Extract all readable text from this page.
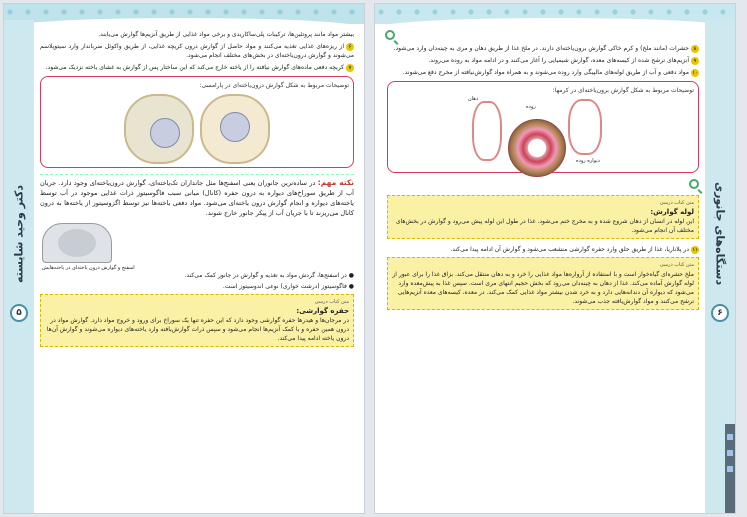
دکتر وحید شایسته
۵
بیشتر مواد مانند پروتئین‌ها، ترکیبات پلی‌ساکاریدی و برخی مواد غذایی از طریق آنزیم‌ها گوارش می‌یابند.
۶از ریزه‌های غذایی تغذیه می‌کنند و مواد حاصل از گوارش درون کریچه غذایی، از طریق واکوئل ضرباندار وارد سیتوپلاسم می‌شوند و گوارش درون‌یاخته‌ای در بخش‌های مختلف انجام می‌شود.
۷کریچه دفعی ماده‌های گوارش نیافته را از یاخته خارج می‌کند که این ساختار پس از گوارش به غشای یاخته نزدیک می‌شود.
توضیحات مربوط به شکل گوارش درون‌یاخته‌ای در پارامسی:
نکته مهم: در ساده‌ترین جانوران یعنی اسفنج‌ها مثل جانداران تک‌یاخته‌ای، گوارش درون‌یاخته‌ای وجود دارد. جریان آب از طریق سوراخ‌های دیواره به درون حفره (کانال) میانی سبب فاگوسیتوز ذرات غذایی موجود در آب توسط یاخته‌های دیواره و انجام گوارش درون یاخته‌ای می‌شود. مواد دفعی یاخته‌ها نیز توسط اگزوسیتوز از یاخته‌ها به درون کانال می‌ریزند تا با جریان آب از پیکر جانور خارج شوند.
اسفنج و گوارش درون یاخته‌ای در یاخته‌هایش
● در اسفنج‌ها، گردش مواد به تغذیه و گوارش در جانور کمک می‌کند.
● فاگوسیتوز (درشت خواری) نوعی اندوسیتوز است.
متن کتاب درسی
حفره گوارشی:
در مرجان‌ها و هیدرها حفره گوارشی وجود دارد که این حفره تنها یک سوراخ برای ورود و خروج مواد دارد. گوارش مواد در درون همین حفره و با کمک آنزیم‌ها انجام می‌شود و سپس ذرات گوارش‌یافته وارد یاخته‌های دیواره می‌شوند و گوارش آن‌ها درون یاخته ادامه پیدا می‌کند.
دستگاه‌های جانوری
۶
۸حشرات (مانند ملخ) و کرم خاکی گوارش برون‌یاخته‌ای دارند. در ملخ غذا از طریق دهان و مری به چینه‌دان وارد می‌شود.
۹آنزیم‌های ترشح شده از کیسه‌های معده، گوارش شیمیایی را آغاز می‌کنند و در ادامه مواد به روده می‌روند.
۱۰مواد دفعی و آب از طریق لوله‌های مالپیگی وارد روده می‌شوند و به همراه مواد گوارش‌نیافته از مخرج دفع می‌شوند.
توضیحات مربوط به شکل گوارش برون‌یاخته‌ای در کرمها:
دهان
روده
دیواره روده
متن کتاب درسی
لوله گوارش:
این لوله در انسان از دهان شروع شده و به مخرج ختم می‌شود. غذا در طول این لوله پیش می‌رود و گوارش در بخش‌های مختلف آن انجام می‌شود.
۱۱در پلاناریا، غذا از طریق حلق وارد حفره گوارشی منشعب می‌شود و گوارش آن ادامه پیدا می‌کند.
متن کتاب درسی
ملخ حشره‌ای گیاه‌خوار است و با استفاده از آرواره‌ها مواد غذایی را خرد و به دهان منتقل می‌کند. بزاق غذا را برای عبور از لوله گوارش آماده می‌کند. غذا از دهان به چینه‌دان می‌رود که بخش حجیم انتهای مری است. سپس غذا به پیش‌معده وارد می‌شود که دیواره آن دندانه‌هایی دارد و به خرد شدن بیشتر مواد غذایی کمک می‌کند. در معده، کیسه‌های معده آنزیم‌هایی ترشح می‌کنند و مواد گوارش‌یافته جذب می‌شوند.
